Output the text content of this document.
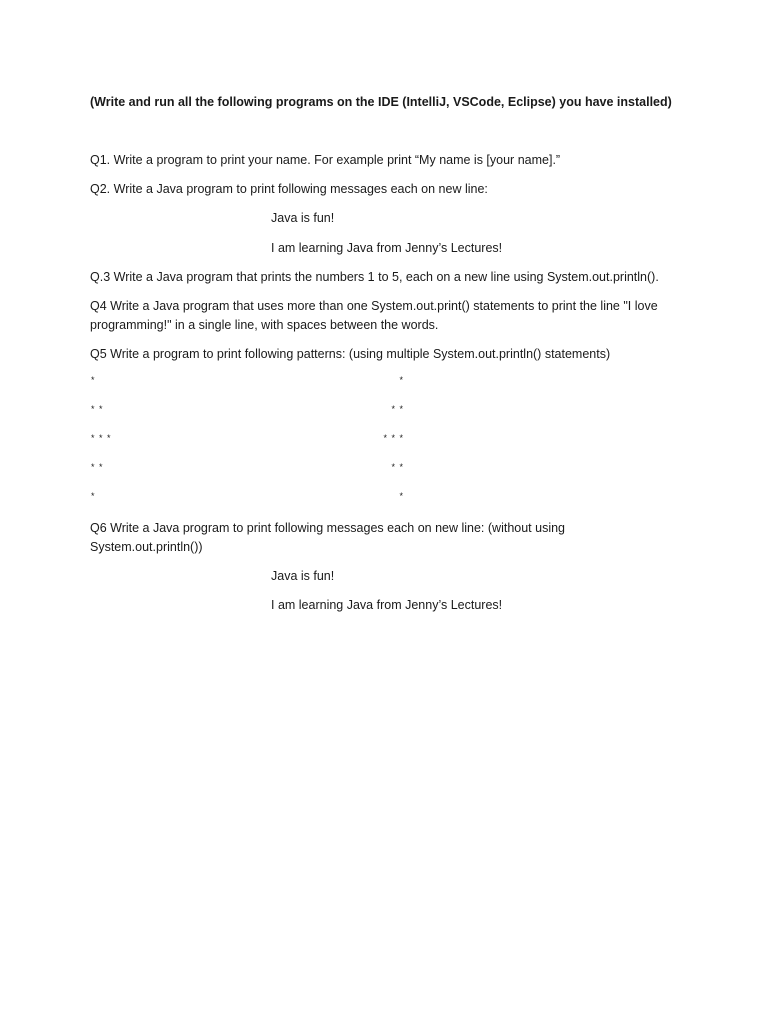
(Write and run all the following programs on the IDE (IntelliJ, VSCode, Eclipse) you have installed)
Q1. Write a program to print your name. For example print “My name is [your name].”
Q2. Write a Java program to print following messages each on new line:
Java is fun!
I am learning Java from Jenny’s Lectures!
Q.3 Write a Java program that prints the numbers 1 to 5, each on a new line using System.out.println().
Q4 Write a Java program that uses more than one System.out.print() statements to print the line "I love programming!" in a single line, with spaces between the words.
Q5 Write a program to print following patterns: (using multiple System.out.println() statements)
*
* *
* * *
* *
*
*
* *
* * *
* *
*
Q6 Write a Java program to print following messages each on new line: (without using System.out.println())
Java is fun!
I am learning Java from Jenny’s Lectures!
